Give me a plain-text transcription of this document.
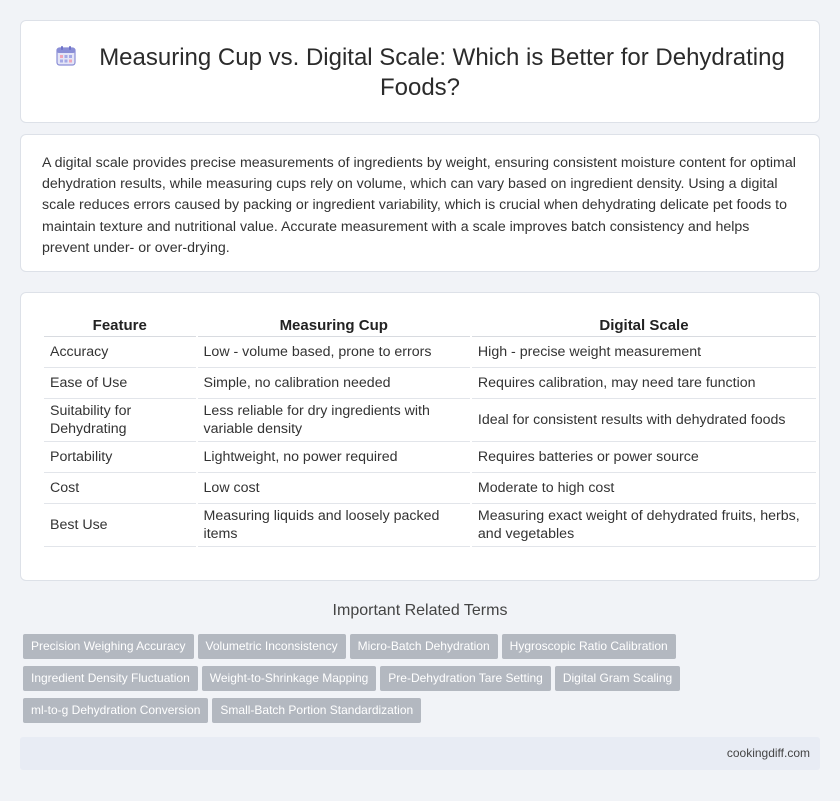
Measuring Cup vs. Digital Scale: Which is Better for Dehydrating Foods?

A digital scale provides precise measurements of ingredients by weight, ensuring consistent moisture content for optimal dehydration results, while measuring cups rely on volume, which can vary based on ingredient density. Using a digital scale reduces errors caused by packing or ingredient variability, which is crucial when dehydrating delicate pet foods to maintain texture and nutritional value. Accurate measurement with a scale improves batch consistency and helps prevent under- or over-drying.

Feature	Measuring Cup	Digital Scale
Accuracy	Low - volume based, prone to errors	High - precise weight measurement
Ease of Use	Simple, no calibration needed	Requires calibration, may need tare function
Suitability for Dehydrating	Less reliable for dry ingredients with variable density	Ideal for consistent results with dehydrated foods
Portability	Lightweight, no power required	Requires batteries or power source
Cost	Low cost	Moderate to high cost
Best Use	Measuring liquids and loosely packed items	Measuring exact weight of dehydrated fruits, herbs, and vegetables
Important Related Terms
Precision Weighing Accuracy Volumetric Inconsistency Micro-Batch Dehydration Hygroscopic Ratio Calibration
Ingredient Density Fluctuation Weight-to-Shrinkage Mapping Pre-Dehydration Tare Setting Digital Gram Scaling
ml-to-g Dehydration Conversion Small-Batch Portion Standardization
cookingdiff.com
